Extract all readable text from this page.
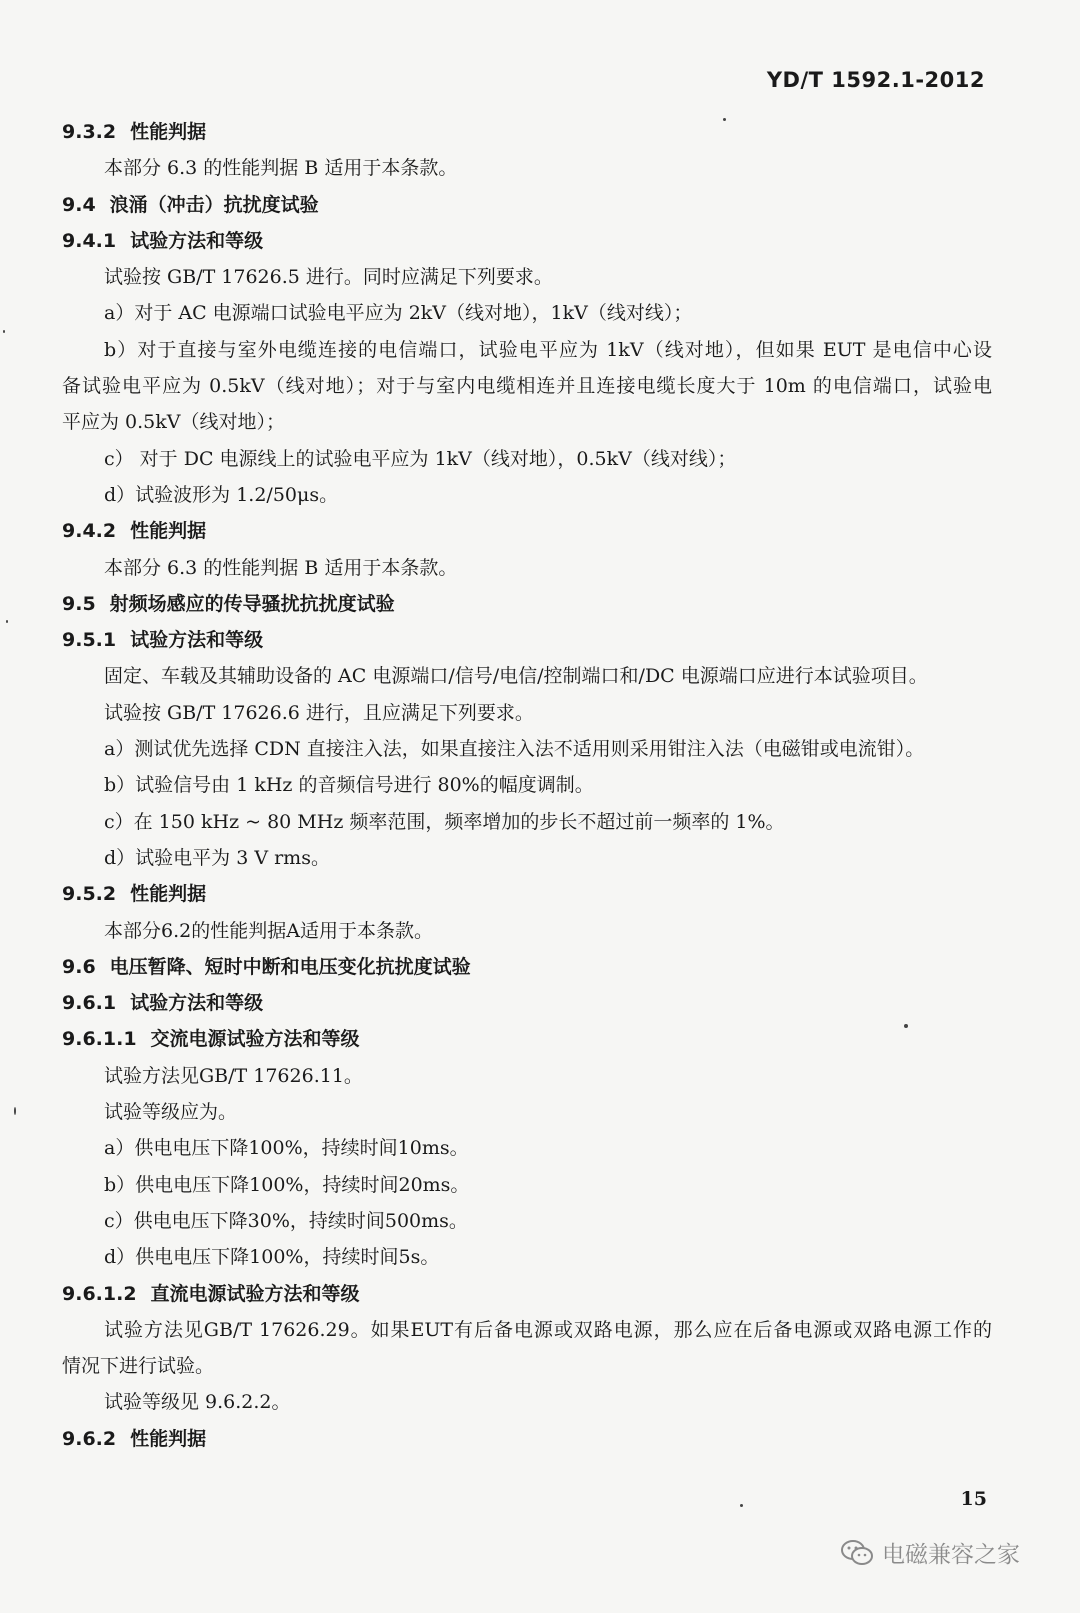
YD/T 1592.1-2012
9.3.2 性能判据
本部分 6.3 的性能判据 B 适用于本条款。
9.4 浪涌（冲击）抗扰度试验
9.4.1 试验方法和等级
试验按 GB/T 17626.5 进行。同时应满足下列要求。
a）对于 AC 电源端口试验电平应为 2kV（线对地），1kV（线对线）；
b）对于直接与室外电缆连接的电信端口，试验电平应为 1kV（线对地），但如果 EUT 是电信中心设
备试验电平应为 0.5kV（线对地）；对于与室内电缆相连并且连接电缆长度大于 10m 的电信端口，试验电
平应为 0.5kV（线对地）；
c） 对于 DC 电源线上的试验电平应为 1kV（线对地），0.5kV（线对线）；
d）试验波形为 1.2/50μs。
9.4.2 性能判据
本部分 6.3 的性能判据 B 适用于本条款。
9.5 射频场感应的传导骚扰抗扰度试验
9.5.1 试验方法和等级
固定、车载及其辅助设备的 AC 电源端口/信号/电信/控制端口和/DC 电源端口应进行本试验项目。
试验按 GB/T 17626.6 进行，且应满足下列要求。
a）测试优先选择 CDN 直接注入法，如果直接注入法不适用则采用钳注入法（电磁钳或电流钳）。
b）试验信号由 1 kHz 的音频信号进行 80%的幅度调制。
c）在 150 kHz ~ 80 MHz 频率范围，频率增加的步长不超过前一频率的 1%。
d）试验电平为 3 V rms。
9.5.2 性能判据
本部分6.2的性能判据A适用于本条款。
9.6 电压暂降、短时中断和电压变化抗扰度试验
9.6.1 试验方法和等级
9.6.1.1 交流电源试验方法和等级
试验方法见GB/T 17626.11。
试验等级应为。
a）供电电压下降100%，持续时间10ms。
b）供电电压下降100%，持续时间20ms。
c）供电电压下降30%，持续时间500ms。
d）供电电压下降100%，持续时间5s。
9.6.1.2 直流电源试验方法和等级
试验方法见GB/T 17626.29。如果EUT有后备电源或双路电源，那么应在后备电源或双路电源工作的
情况下进行试验。
试验等级见 9.6.2.2。
9.6.2 性能判据
15
电磁兼容之家
